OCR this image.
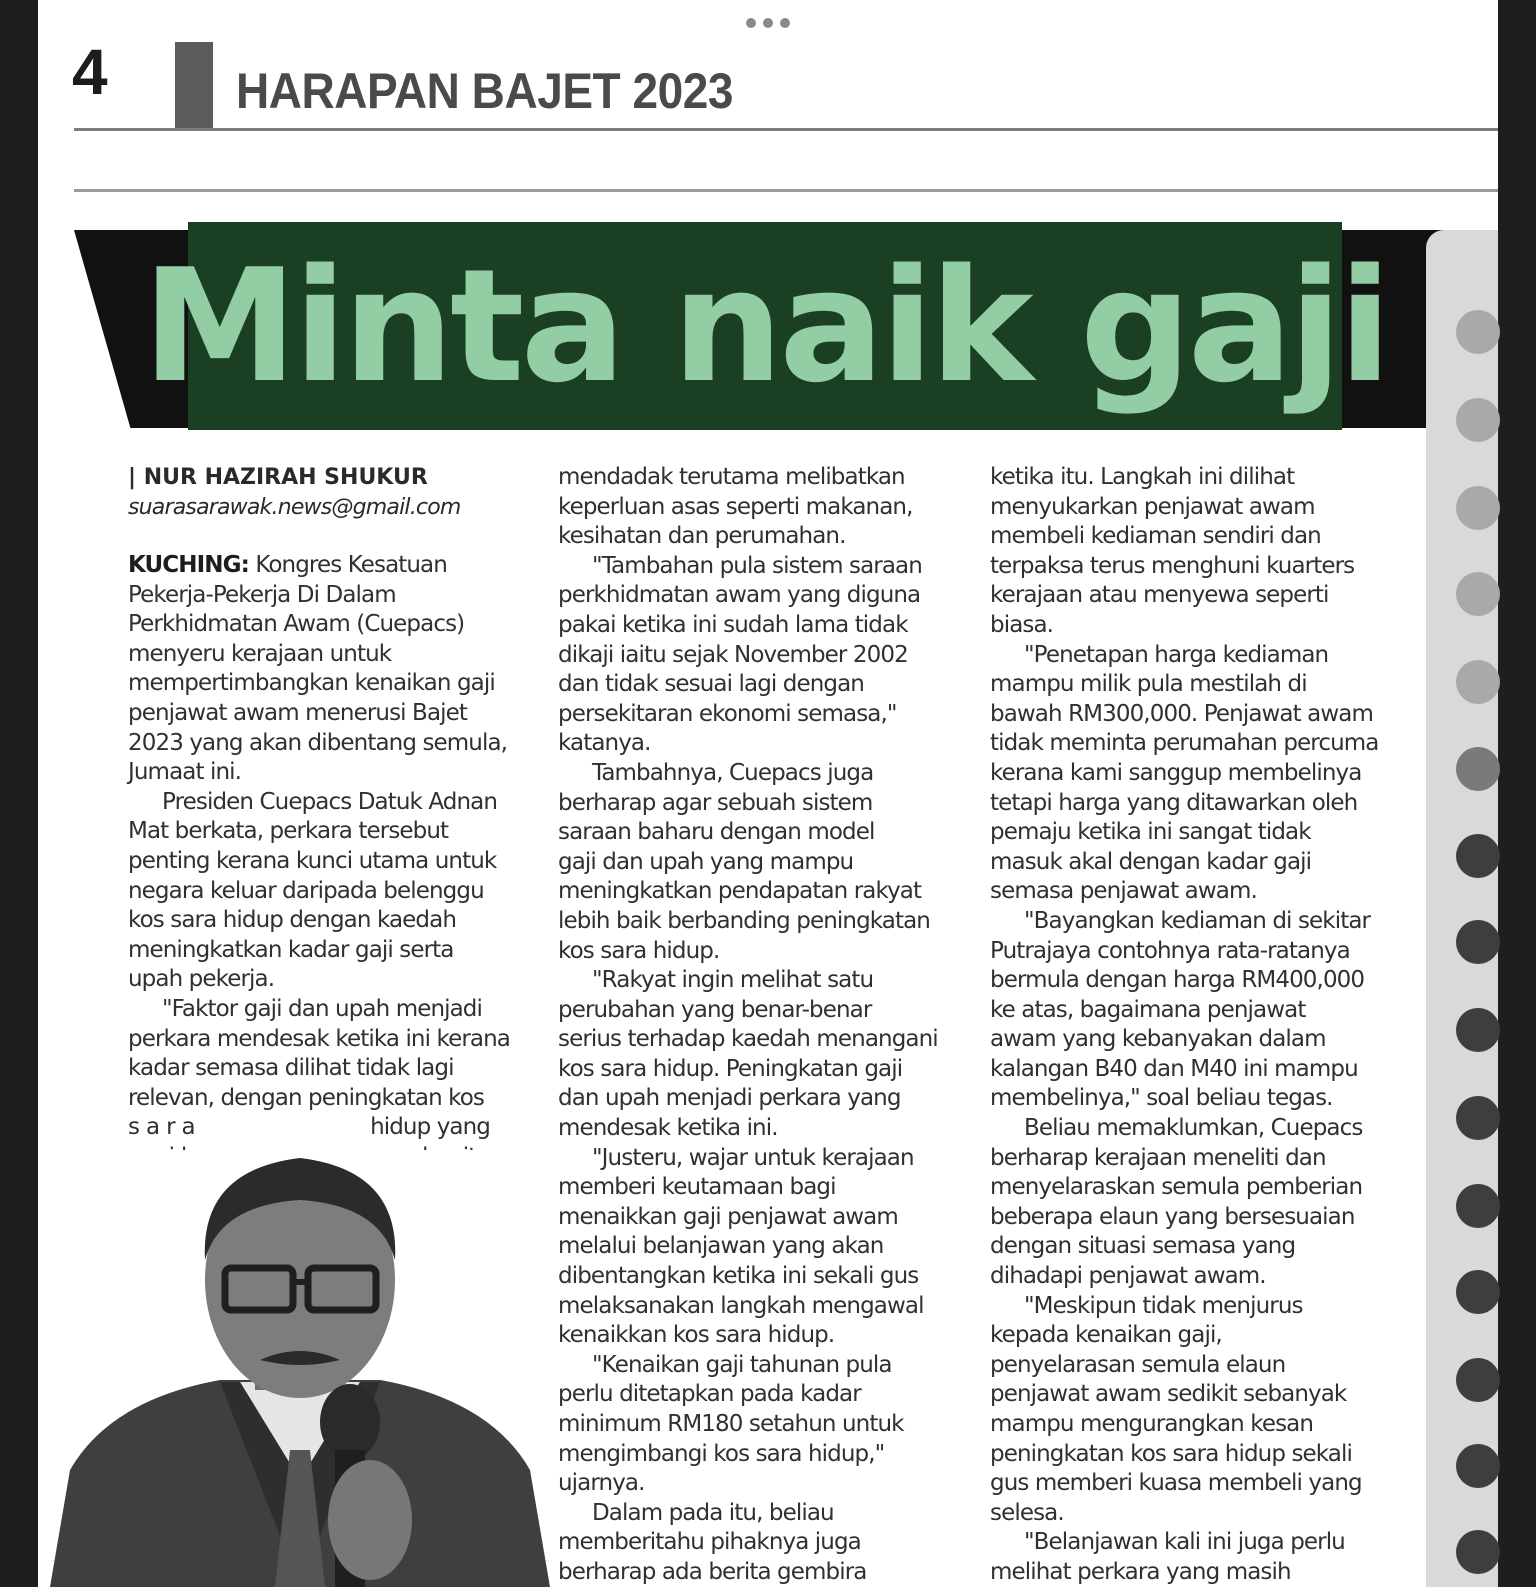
4	HARAPAN BAJET 2023
Minta naik gaji
| NUR HAZIRAH SHUKUR
suarasarawak.news@gmail.com

KUCHING: Kongres Kesatuan

Pekerja-Pekerja Di Dalam

Perkhidmatan Awam (Cuepacs)

menyeru kerajaan untuk

mempertimbangkan kenaikan gaji

penjawat awam menerusi Bajet

2023 yang akan dibentang semula,

Jumaat ini.

Presiden Cuepacs Datuk Adnan

Mat berkata, perkara tersebut

penting kerana kunci utama untuk

negara keluar daripada belenggu

kos sara hidup dengan kaedah

meningkatkan kadar gaji serta

upah pekerja.

"Faktor gaji dan upah menjadi

perkara mendesak ketika ini kerana

kadar semasa dilihat tidak lagi

relevan, dengan peningkatan kos

sara	hidup yang

mendadak terutama melibatkan

keperluan asas seperti makanan,

kesihatan dan perumahan.

"Tambahan pula sistem saraan

perkhidmatan awam yang diguna

pakai ketika ini sudah lama tidak

dikaji iaitu sejak November 2002

dan tidak sesuai lagi dengan

persekitaran ekonomi semasa,"

katanya.

Tambahnya, Cuepacs juga

berharap agar sebuah sistem

saraan baharu dengan model

gaji dan upah yang mampu

meningkatkan pendapatan rakyat

lebih baik berbanding peningkatan

kos sara hidup.

"Rakyat ingin melihat satu

perubahan yang benar-benar

serius terhadap kaedah menangani

kos sara hidup. Peningkatan gaji

dan upah menjadi perkara yang

mendesak ketika ini.

"Justeru, wajar untuk kerajaan

memberi keutamaan bagi

menaikkan gaji penjawat awam

melalui belanjawan yang akan

dibentangkan ketika ini sekali gus

melaksanakan langkah mengawal

kenaikkan kos sara hidup.

"Kenaikan gaji tahunan pula

perlu ditetapkan pada kadar

minimum RM180 setahun untuk

mengimbangi kos sara hidup,"

ujarnya.

Dalam pada itu, beliau

memberitahu pihaknya juga

berharap ada berita gembira

ketika itu. Langkah ini dilihat

menyukarkan penjawat awam

membeli kediaman sendiri dan

terpaksa terus menghuni kuarters

kerajaan atau menyewa seperti

biasa.

"Penetapan harga kediaman

mampu milik pula mestilah di

bawah RM300,000. Penjawat awam

tidak meminta perumahan percuma

kerana kami sanggup membelinya

tetapi harga yang ditawarkan oleh

pemaju ketika ini sangat tidak

masuk akal dengan kadar gaji

semasa penjawat awam.

"Bayangkan kediaman di sekitar

Putrajaya contohnya rata-ratanya

bermula dengan harga RM400,000

ke atas, bagaimana penjawat

awam yang kebanyakan dalam

kalangan B40 dan M40 ini mampu

membelinya," soal beliau tegas.

Beliau memaklumkan, Cuepacs

berharap kerajaan meneliti dan

menyelaraskan semula pemberian

beberapa elaun yang bersesuaian

dengan situasi semasa yang

dihadapi penjawat awam.

"Meskipun tidak menjurus

kepada kenaikan gaji,

penyelarasan semula elaun

penjawat awam sedikit sebanyak

mampu mengurangkan kesan

peningkatan kos sara hidup sekali

gus memberi kuasa membeli yang

selesa.

"Belanjawan kali ini juga perlu

melihat perkara yang masih
